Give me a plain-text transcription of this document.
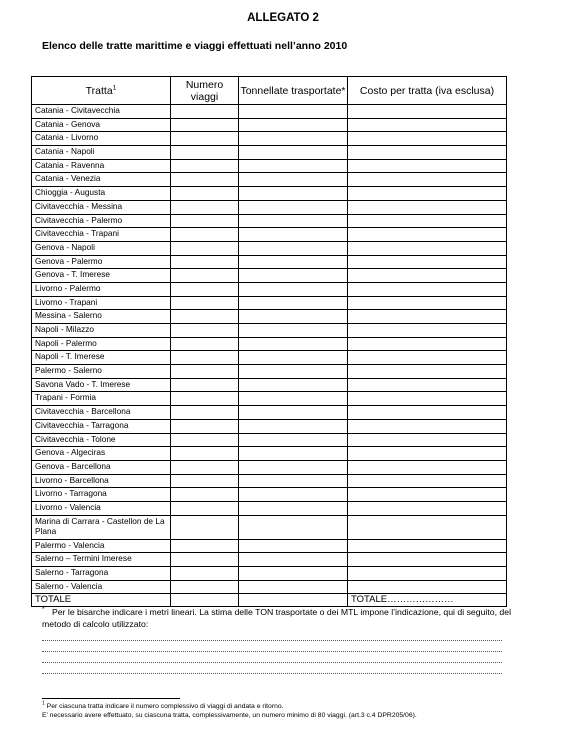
ALLEGATO 2
Elenco delle tratte marittime e viaggi effettuati nell’anno 2010
Tratta$^1$	Numero viaggi	Tonnellate trasportate*	Costo per tratta (iva esclusa)
Catania - Civitavecchia			
Catania - Genova			
Catania - Livorno			
Catania - Napoli			
Catania - Ravenna			
Catania - Venezia			
Chioggia - Augusta			
Civitavecchia - Messina			
Civitavecchia - Palermo			
Civitavecchia - Trapani			
Genova - Napoli			
Genova - Palermo			
Genova - T. Imerese			
Livorno - Palermo			
Livorno - Trapani			
Messina - Salerno			
Napoli - Milazzo			
Napoli - Palermo			
Napoli - T. Imerese			
Palermo - Salerno			
Savona Vado - T. Imerese			
Trapani - Formia			
Civitavecchia - Barcellona			
Civitavecchia - Tarragona			
Civitavecchia - Tolone			
Genova - Algeciras			
Genova - Barcellona			
Livorno - Barcellona			
Livorno - Tarragona			
Livorno - Valencia			
Marina di Carrara - Castellon de La Plana			
Palermo - Valencia			
Salerno – Termini Imerese			
Salerno - Tarragona			
Salerno - Valencia			
TOTALE			TOTALE…………………
* Per le bisarche indicare i metri lineari. La stima delle TON trasportate o dei MTL impone l’indicazione, qui di seguito, del metodo di calcolo utilizzato:
$^1$ Per ciascuna tratta indicare il numero complessivo di viaggi di andata e ritorno.
E’ necessario avere effettuato, su ciascuna tratta, complessivamente, un numero minimo di 80 viaggi. (art.3 c.4 DPR205/06).
